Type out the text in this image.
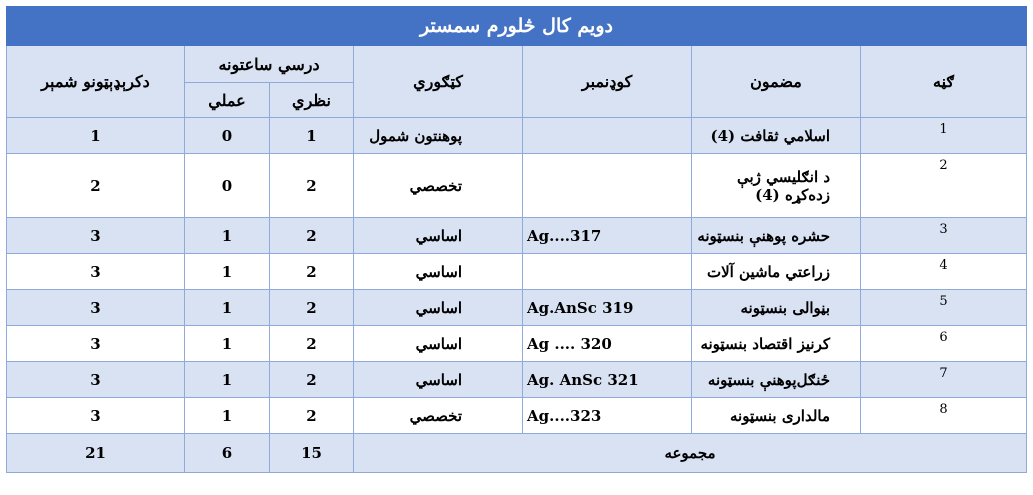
دويم كال څلورم سمستر						
ګڼه	مضمون	کوډنمبر	کټګوري	درسي ساعتونه		دکرېډېټونو شمېر
				نظري	عملي	
1	اسلامي ثقافت (4)		پوهنتون شمول	1	0	1
2	د انګليسي ژبې زده‌کړه (4)		تخصصي	2	0	2
3	حشره پوهنې بنسټونه	Ag....317	اساسي	2	1	3
4	زراعتي ماشين آلات		اساسي	2	1	3
5	بڼوالی بنسټونه	Ag.AnSc 319	اساسي	2	1	3
6	کرنيز اقتصاد بنسټونه	Ag .... 320	اساسي	2	1	3
7	ځنګل‌پوهنې بنسټونه	Ag. AnSc 321	اساسي	2	1	3
8	مالداری بنسټونه	Ag....323	تخصصي	2	1	3
مجموعه				15	6	21
